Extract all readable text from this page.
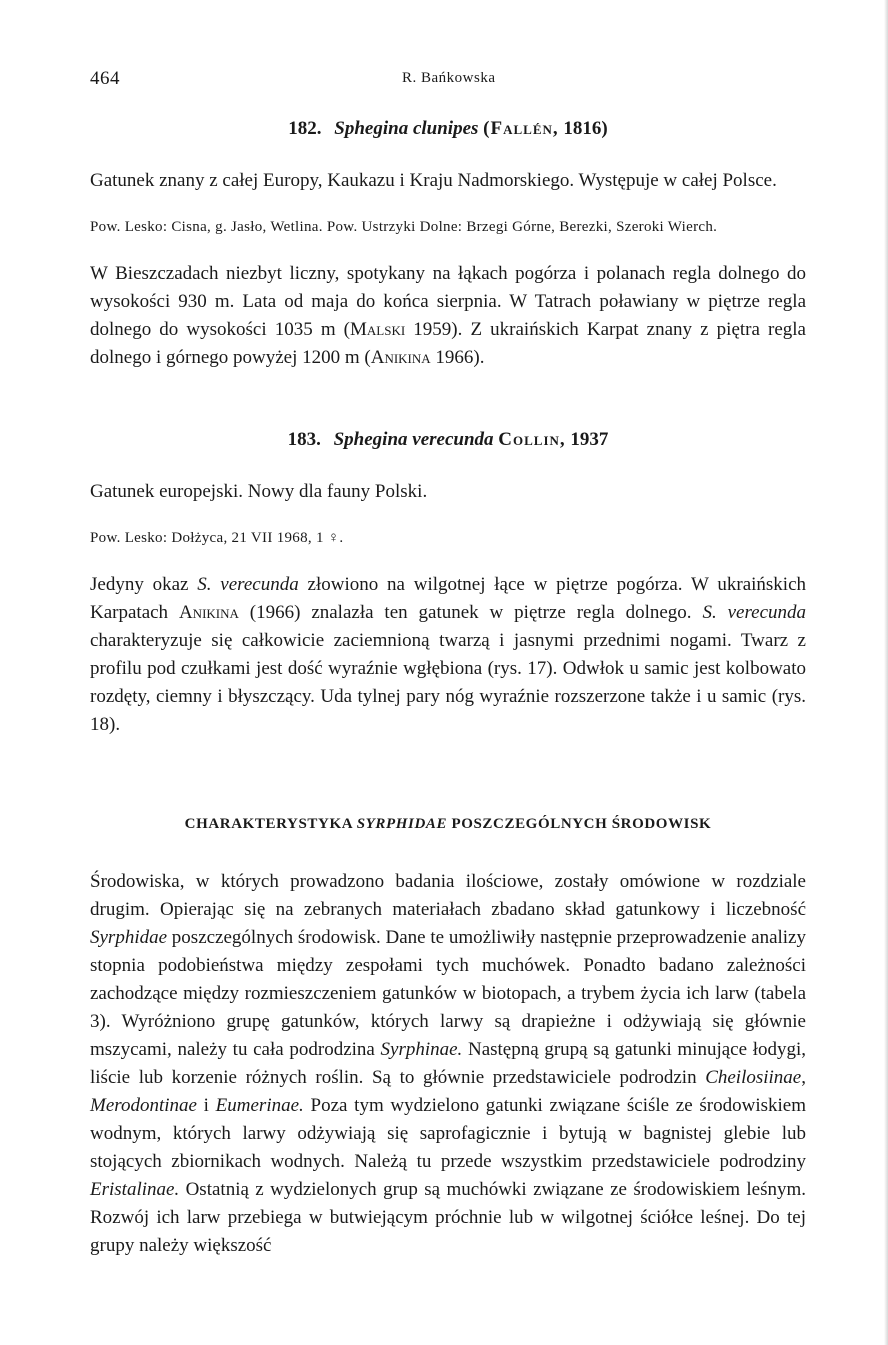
464	R. Bańkowska
182. Sphegina clunipes (Fallén, 1816)

Gatunek znany z całej Europy, Kaukazu i Kraju Nadmorskiego. Występuje w całej Polsce.

Pow. Lesko: Cisna, g. Jasło, Wetlina. Pow. Ustrzyki Dolne: Brzegi Górne, Berezki, Szeroki Wierch.

W Bieszczadach niezbyt liczny, spotykany na łąkach pogórza i polanach regla dolnego do wysokości 930 m. Lata od maja do końca sierpnia. W Tatrach poławiany w piętrze regla dolnego do wysokości 1035 m (Malski 1959). Z ukraińskich Karpat znany z piętra regla dolnego i górnego powyżej 1200 m (Anikina 1966).

183. Sphegina verecunda Collin, 1937

Gatunek europejski. Nowy dla fauny Polski.

Pow. Lesko: Dołżyca, 21 VII 1968, 1 ♀.

Jedyny okaz S. verecunda złowiono na wilgotnej łące w piętrze pogórza. W ukraińskich Karpatach Anikina (1966) znalazła ten gatunek w piętrze regla dolnego. S. verecunda charakteryzuje się całkowicie zaciemnioną twarzą i jasnymi przednimi nogami. Twarz z profilu pod czułkami jest dość wyraźnie wgłębiona (rys. 17). Odwłok u samic jest kolbowato rozdęty, ciemny i błyszczący. Uda tylnej pary nóg wyraźnie rozszerzone także i u samic (rys. 18).

CHARAKTERYSTYKA SYRPHIDAE POSZCZEGÓLNYCH ŚRODOWISK

Środowiska, w których prowadzono badania ilościowe, zostały omówione w rozdziale drugim. Opierając się na zebranych materiałach zbadano skład gatunkowy i liczebność Syrphidae poszczególnych środowisk. Dane te umożliwiły następnie przeprowadzenie analizy stopnia podobieństwa między zespołami tych muchówek. Ponadto badano zależności zachodzące między rozmieszczeniem gatunków w biotopach, a trybem życia ich larw (tabela 3). Wyróżniono grupę gatunków, których larwy są drapieżne i odżywiają się głównie mszycami, należy tu cała podrodzina Syrphinae. Następną grupą są gatunki minujące łodygi, liście lub korzenie różnych roślin. Są to głównie przedstawiciele podrodzin Cheilosiinae, Merodontinae i Eumerinae. Poza tym wydzielono gatunki związane ściśle ze środowiskiem wodnym, których larwy odżywiają się saprofagicznie i bytują w bagnistej glebie lub stojących zbiornikach wodnych. Należą tu przede wszystkim przedstawiciele podrodziny Eristalinae. Ostatnią z wydzielonych grup są muchówki związane ze środowiskiem leśnym. Rozwój ich larw przebiega w butwiejącym próchnie lub w wilgotnej ściółce leśnej. Do tej grupy należy większość
